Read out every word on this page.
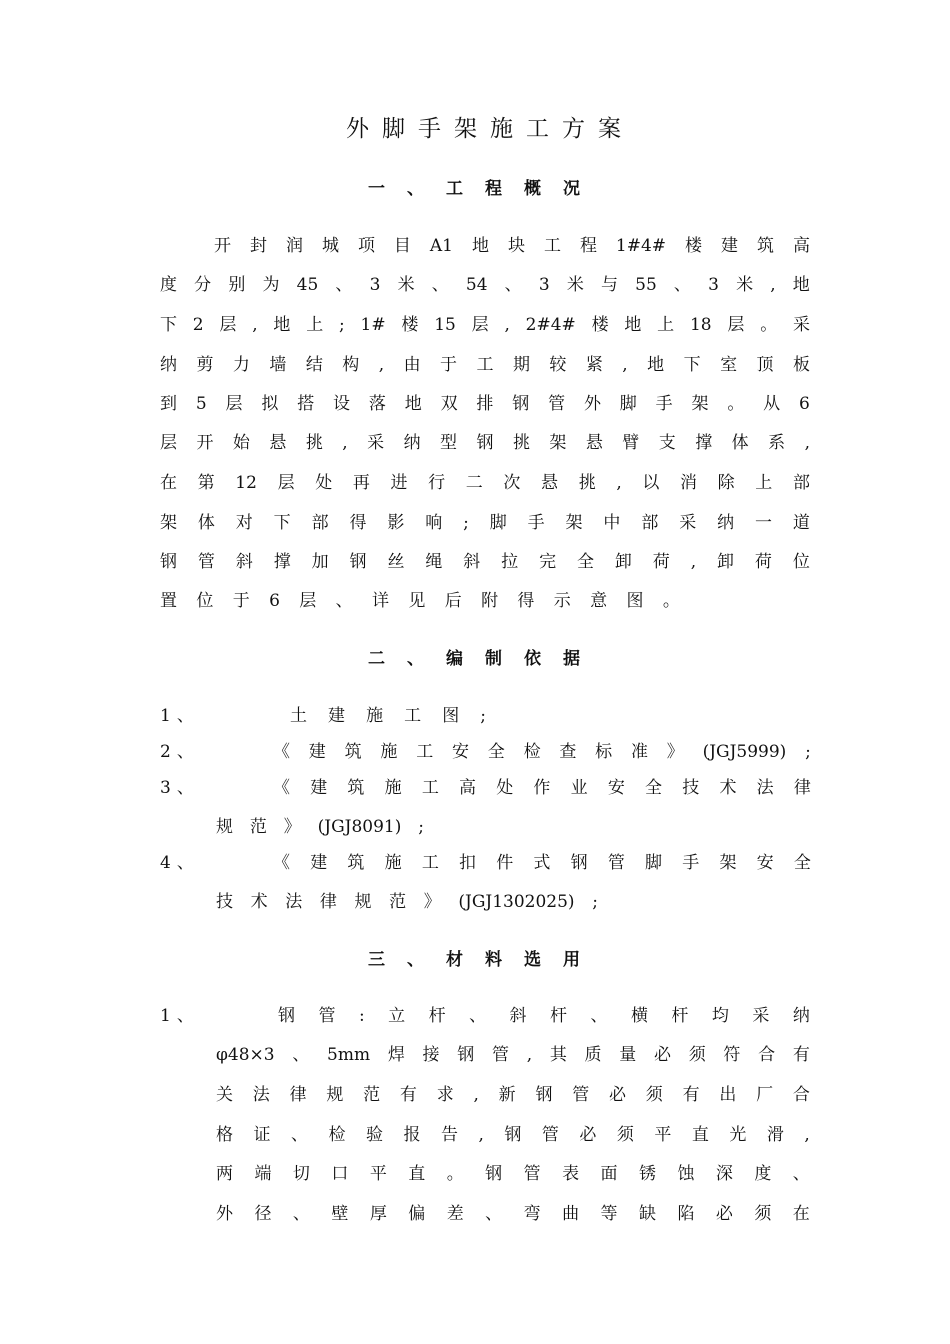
外脚手架施工方案
一、工程概况
开 封 润 城 项 目 A1 地 块 工 程 1#4# 楼 建 筑 高
度 分 别 为 45 、 3 米 、 54 、 3 米 与 55 、 3 米 , 地
下 2 层 , 地 上 ; 1# 楼 15 层 , 2#4# 楼 地 上 18 层 。 采
纳 剪 力 墙 结 构 , 由 于 工 期 较 紧 , 地 下 室 顶 板
到 5 层 拟 搭 设 落 地 双 排 钢 管 外 脚 手 架 。 从 6
层 开 始 悬 挑 , 采 纳 型 钢 挑 架 悬 臂 支 撑 体 系 ,
在 第 12 层 处 再 进 行 二 次 悬 挑 , 以 消 除 上 部
架 体 对 下 部 得 影 响 ; 脚 手 架 中 部 采 纳 一 道
钢 管 斜 撑 加 钢 丝 绳 斜 拉 完 全 卸 荷 , 卸 荷 位
置 位 于 6 层 、 详 见 后 附 得 示 意 图 。
二、编制依据
1、	土 建 施 工 图 ;
2、	《 建 筑 施 工 安 全 检 查 标 准 》 (JGJ5999) ;
3、	《 建 筑 施 工 高 处 作 业 安 全 技 术 法 律
规 范 》 (JGJ8091) ;
4、	《 建 筑 施 工 扣 件 式 钢 管 脚 手 架 安 全
技 术 法 律 规 范 》 (JGJ1302025) ;
三、材料选用
1、	钢 管 : 立 杆 、 斜 杆 、 横 杆 均 采 纳
φ48×3 、 5mm 焊 接 钢 管 , 其 质 量 必 须 符 合 有
关 法 律 规 范 有 求 , 新 钢 管 必 须 有 出 厂 合
格 证 、 检 验 报 告 , 钢 管 必 须 平 直 光 滑 ,
两 端 切 口 平 直 。 钢 管 表 面 锈 蚀 深 度 、
外 径 、 壁 厚 偏 差 、 弯 曲 等 缺 陷 必 须 在
